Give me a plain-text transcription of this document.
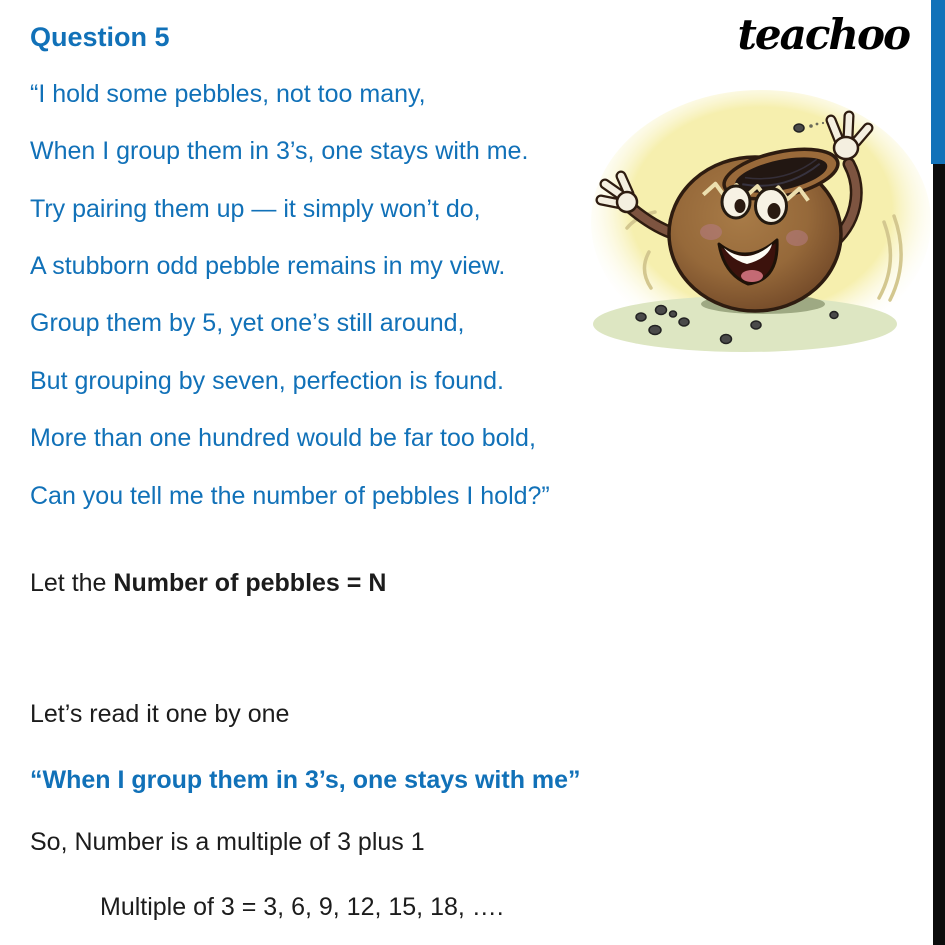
Question 5	teachoo
“I hold some pebbles, not too many,
When I group them in 3’s, one stays with me.
Try pairing them up — it simply won’t do,
A stubborn odd pebble remains in my view.
Group them by 5, yet one’s still around,
But grouping by seven, perfection is found.
More than one hundred would be far too bold,
Can you tell me the number of pebbles I hold?”
Let the Number of pebbles = N
Let’s read it one by one
“When I group them in 3’s, one stays with me”
So, Number is a multiple of 3 plus 1
Multiple of 3 = 3, 6, 9, 12, 15, 18, ….
